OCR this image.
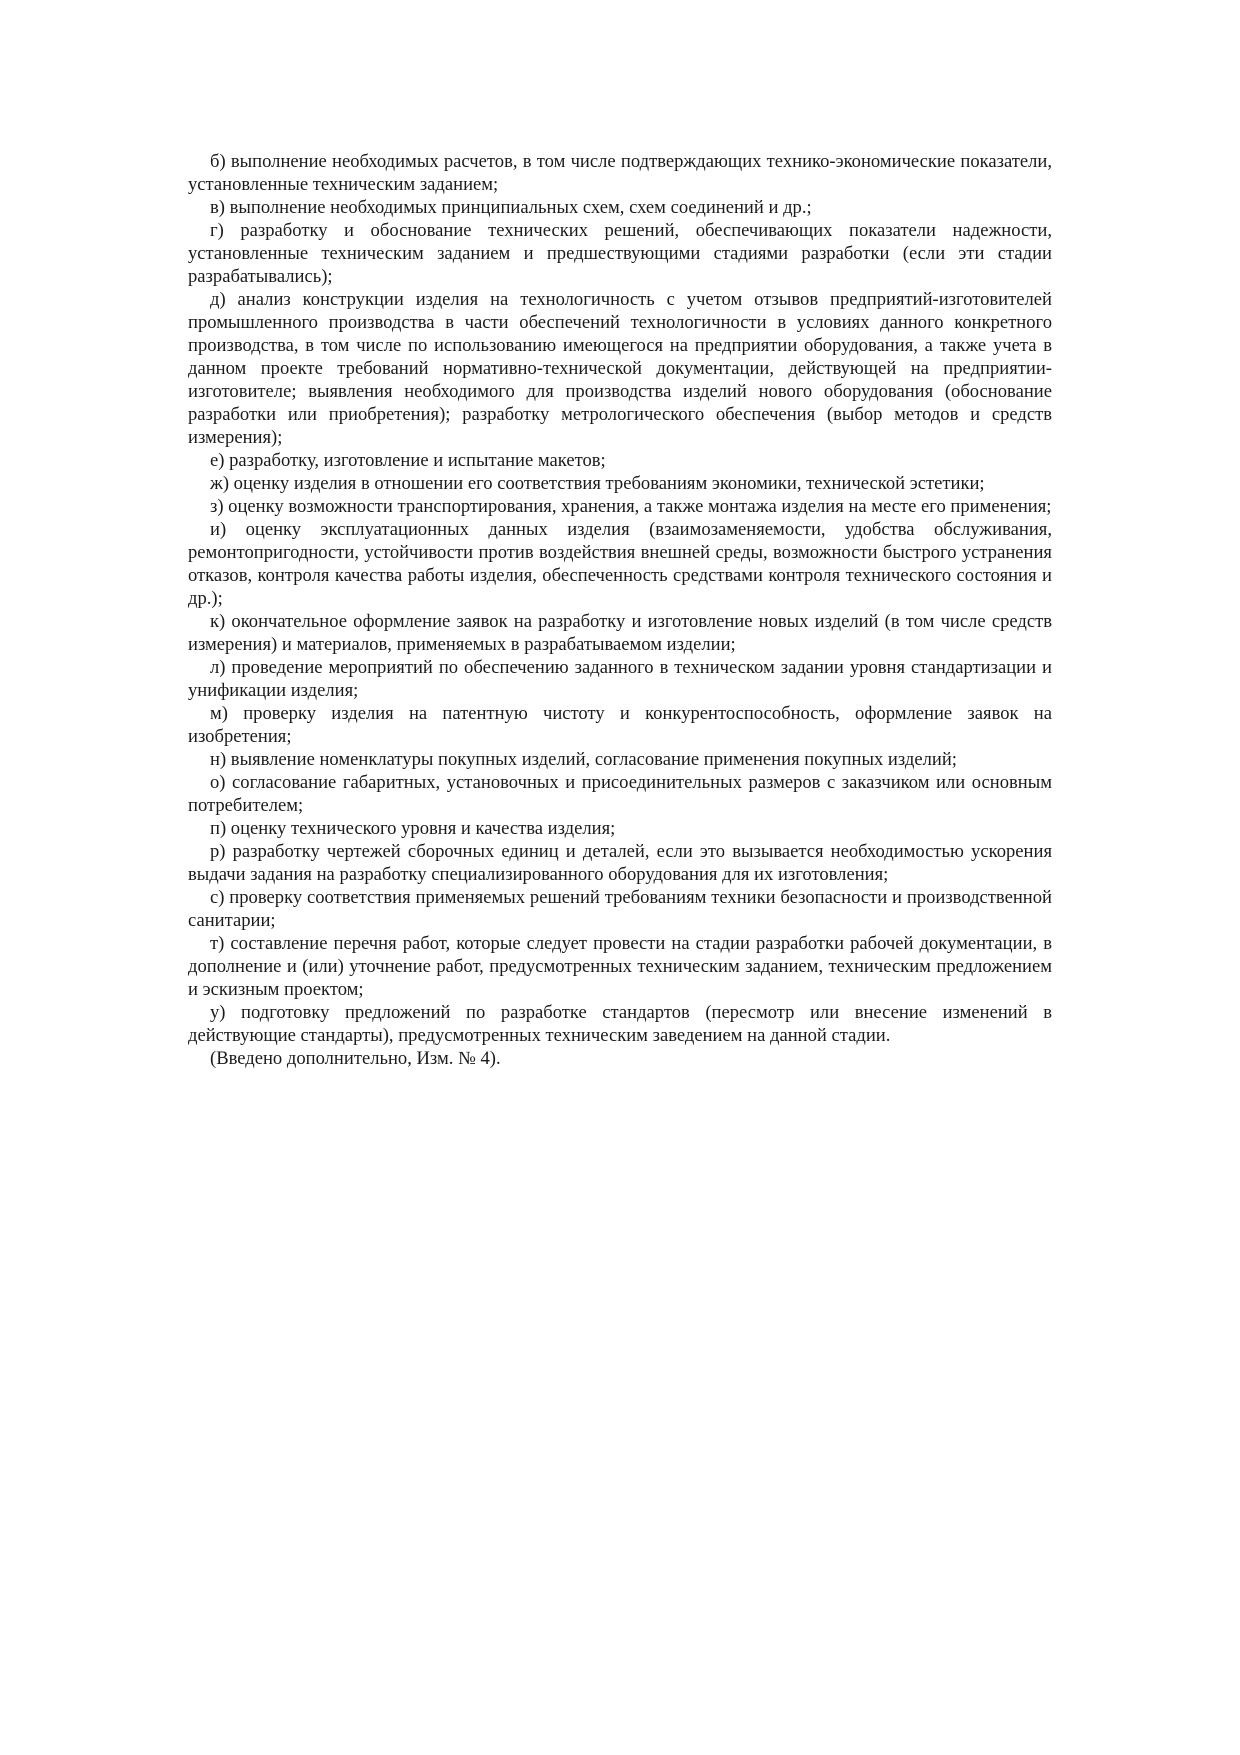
б) выполнение необходимых расчетов, в том числе подтверждающих технико-экономические показатели, установленные техническим заданием;

в) выполнение необходимых принципиальных схем, схем соединений и др.;

г) разработку и обоснование технических решений, обеспечивающих показатели надежности, установленные техническим заданием и предшествующими стадиями разработки (если эти стадии разрабатывались);

д) анализ конструкции изделия на технологичность с учетом отзывов предприятий-изготовителей промышленного производства в части обеспечений технологичности в условиях данного конкретного производства, в том числе по использованию имеющегося на предприятии оборудования, а также учета в данном проекте требований нормативно-технической документации, действующей на предприятии-изготовителе; выявления необходимого для производства изделий нового оборудования (обоснование разработки или приобретения); разработку метрологического обеспечения (выбор методов и средств измерения);

е) разработку, изготовление и испытание макетов;

ж) оценку изделия в отношении его соответствия требованиям экономики, технической эстетики;

з) оценку возможности транспортирования, хранения, а также монтажа изделия на месте его применения;

и) оценку эксплуатационных данных изделия (взаимозаменяемости, удобства обслуживания, ремонтопригодности, устойчивости против воздействия внешней среды, возможности быстрого устранения отказов, контроля качества работы изделия, обеспеченность средствами контроля технического состояния и др.);

к) окончательное оформление заявок на разработку и изготовление новых изделий (в том числе средств измерения) и материалов, применяемых в разрабатываемом изделии;

л) проведение мероприятий по обеспечению заданного в техническом задании уровня стандартизации и унификации изделия;

м) проверку изделия на патентную чистоту и конкурентоспособность, оформление заявок на изобретения;

н) выявление номенклатуры покупных изделий, согласование применения покупных изделий;

о) согласование габаритных, установочных и присоединительных размеров с заказчиком или основным потребителем;

п) оценку технического уровня и качества изделия;

р) разработку чертежей сборочных единиц и деталей, если это вызывается необходимостью ускорения выдачи задания на разработку специализированного оборудования для их изготовления;

с) проверку соответствия применяемых решений требованиям техники безопасности и производственной санитарии;

т) составление перечня работ, которые следует провести на стадии разработки рабочей документации, в дополнение и (или) уточнение работ, предусмотренных техническим заданием, техническим предложением и эскизным проектом;

у) подготовку предложений по разработке стандартов (пересмотр или внесение изменений в действующие стандарты), предусмотренных техническим заведением на данной стадии.

(Введено дополнительно, Изм. № 4).
